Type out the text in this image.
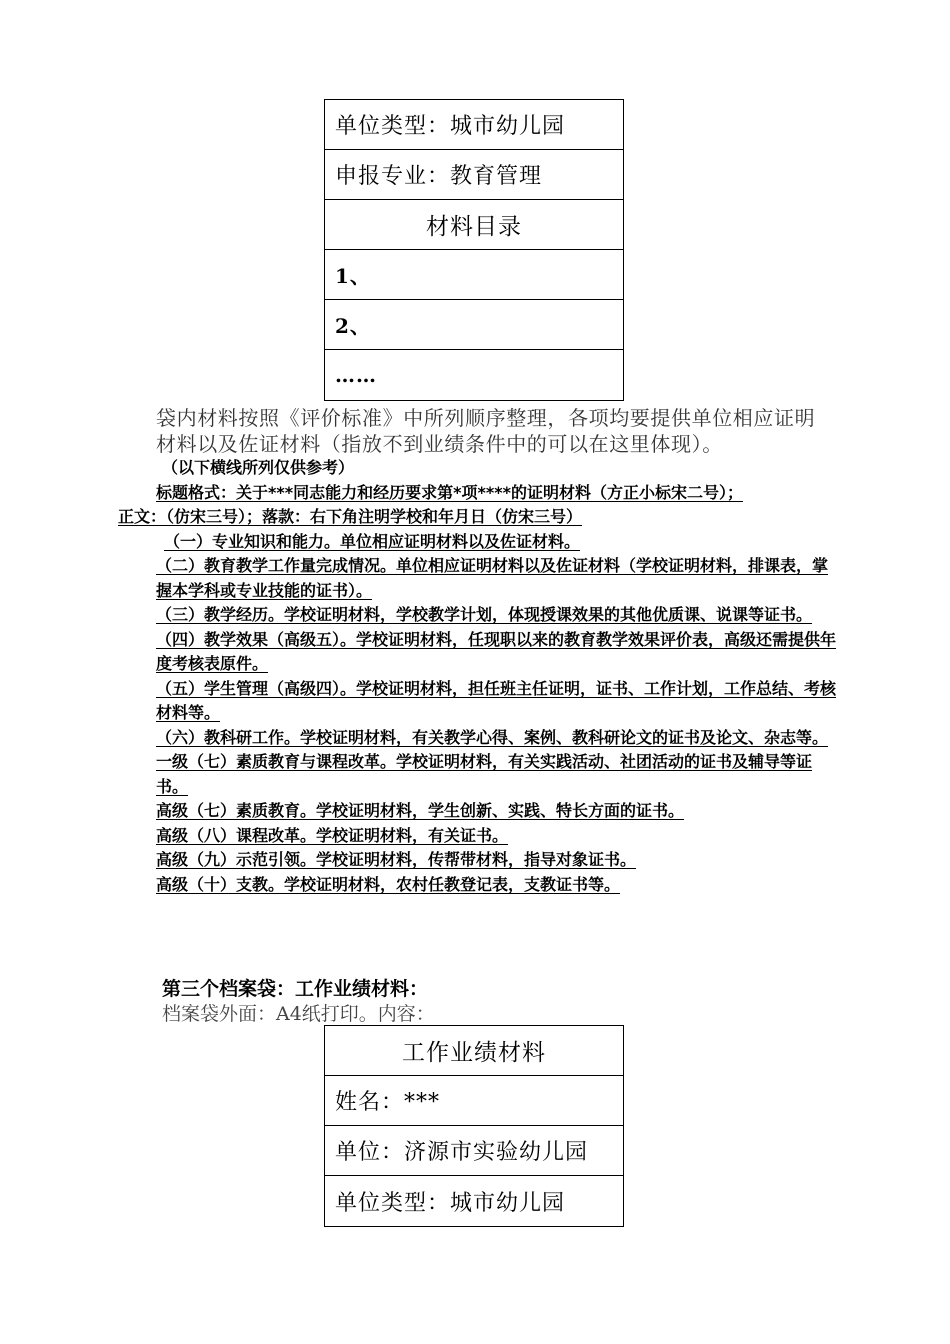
单位类型：城市幼儿园
申报专业：教育管理
材料目录
1、
2、
……
袋内材料按照《评价标准》中所列顺序整理，各项均要提供单位相应证明材料以及佐证材料（指放不到业绩条件中的可以在这里体现）。
（以下横线所列仅供参考）
标题格式：关于***同志能力和经历要求第*项****的证明材料（方正小标宋二号）；
正文：（仿宋三号）；落款：右下角注明学校和年月日（仿宋三号）
（一）专业知识和能力。单位相应证明材料以及佐证材料。
（二）教育教学工作量完成情况。单位相应证明材料以及佐证材料（学校证明材料，排课表，掌握本学科或专业技能的证书）。
（三）教学经历。学校证明材料，学校教学计划，体现授课效果的其他优质课、说课等证书。
（四）教学效果（高级五）。学校证明材料，任现职以来的教育教学效果评价表，高级还需提供年度考核表原件。
（五）学生管理（高级四）。学校证明材料，担任班主任证明，证书、工作计划，工作总结、考核材料等。
（六）教科研工作。学校证明材料，有关教学心得、案例、教科研论文的证书及论文、杂志等。
一级（七）素质教育与课程改革。学校证明材料，有关实践活动、社团活动的证书及辅导等证书。
高级（七）素质教育。学校证明材料，学生创新、实践、特长方面的证书。
高级（八）课程改革。学校证明材料，有关证书。
高级（九）示范引领。学校证明材料，传帮带材料，指导对象证书。
高级（十）支教。学校证明材料，农村任教登记表，支教证书等。
第三个档案袋：工作业绩材料：
档案袋外面：A4纸打印。内容：
工作业绩材料
姓名：***
单位：济源市实验幼儿园
单位类型：城市幼儿园
